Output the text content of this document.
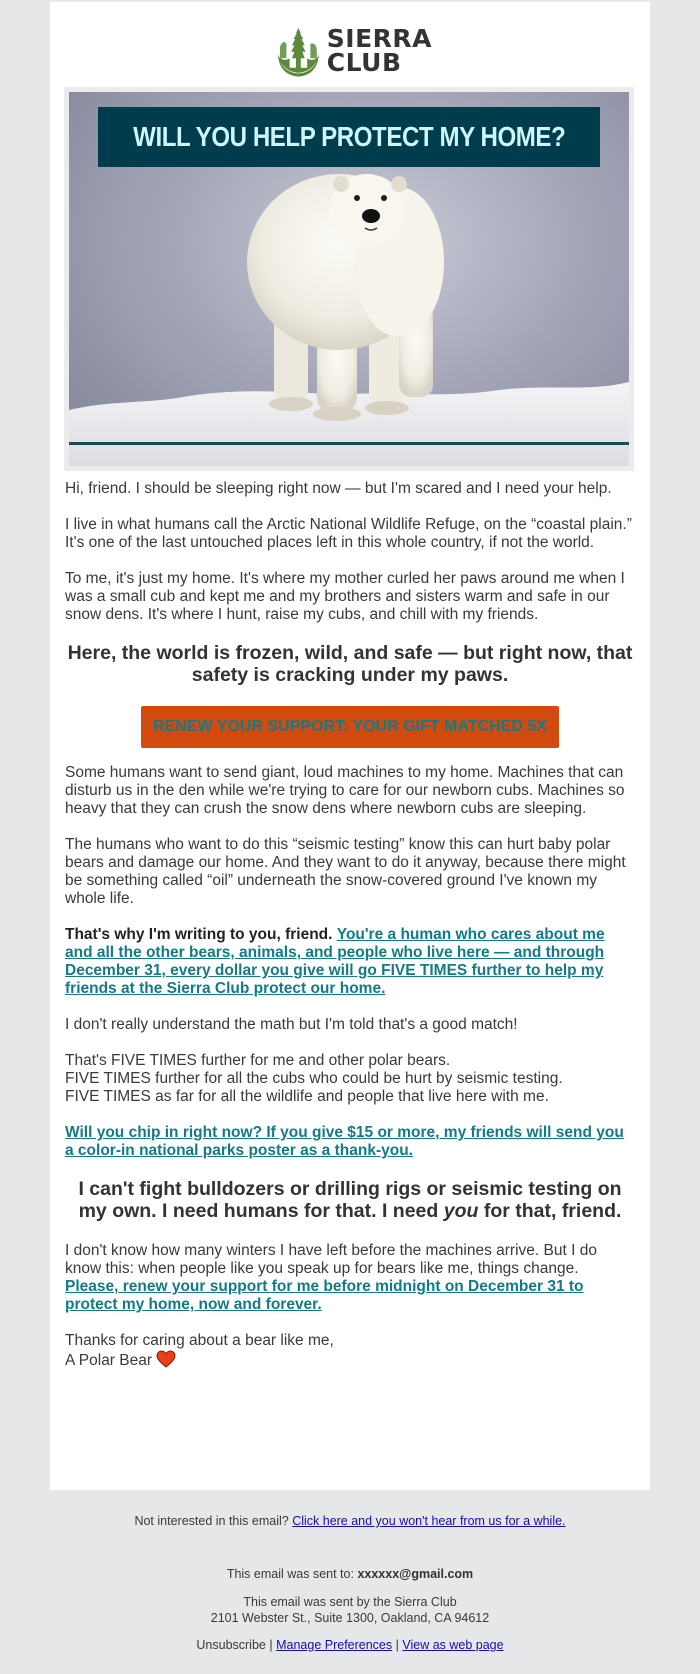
SIERRA
CLUB
WILL YOU HELP PROTECT MY HOME?

Hi, friend. I should be sleeping right now — but I'm scared and I need your help.

I live in what humans call the Arctic National Wildlife Refuge, on the “coastal plain.” It's one of the last untouched places left in this whole country, if not the world.

To me, it's just my home. It's where my mother curled her paws around me when I was a small cub and kept me and my brothers and sisters warm and safe in our snow dens. It's where I hunt, raise my cubs, and chill with my friends.

Here, the world is frozen, wild, and safe — but right now, that safety is cracking under my paws.
RENEW YOUR SUPPORT: YOUR GIFT MATCHED 5X

Some humans want to send giant, loud machines to my home. Machines that can disturb us in the den while we're trying to care for our newborn cubs. Machines so heavy that they can crush the snow dens where newborn cubs are sleeping.

The humans who want to do this “seismic testing” know this can hurt baby polar bears and damage our home. And they want to do it anyway, because there might be something called “oil” underneath the snow-covered ground I've known my whole life.

That's why I'm writing to you, friend. You're a human who cares about me and all the other bears, animals, and people who live here — and through December 31, every dollar you give will go FIVE TIMES further to help my friends at the Sierra Club protect our home.

I don't really understand the math but I'm told that's a good match!

That's FIVE TIMES further for me and other polar bears.
FIVE TIMES further for all the cubs who could be hurt by seismic testing.
FIVE TIMES as far for all the wildlife and people that live here with me.

Will you chip in right now? If you give $15 or more, my friends will send you a color-in national parks poster as a thank-you.

I can't fight bulldozers or drilling rigs or seismic testing on my own. I need humans for that. I need you for that, friend.

I don't know how many winters I have left before the machines arrive. But I do know this: when people like you speak up for bears like me, things change. Please, renew your support for me before midnight on December 31 to protect my home, now and forever.

Thanks for caring about a bear like me,
A Polar Bear

Not interested in this email? Click here and you won't hear from us for a while.
This email was sent to: xxxxxx@gmail.com
This email was sent by the Sierra Club
2101 Webster St., Suite 1300, Oakland, CA 94612
Unsubscribe | Manage Preferences | View as web page
